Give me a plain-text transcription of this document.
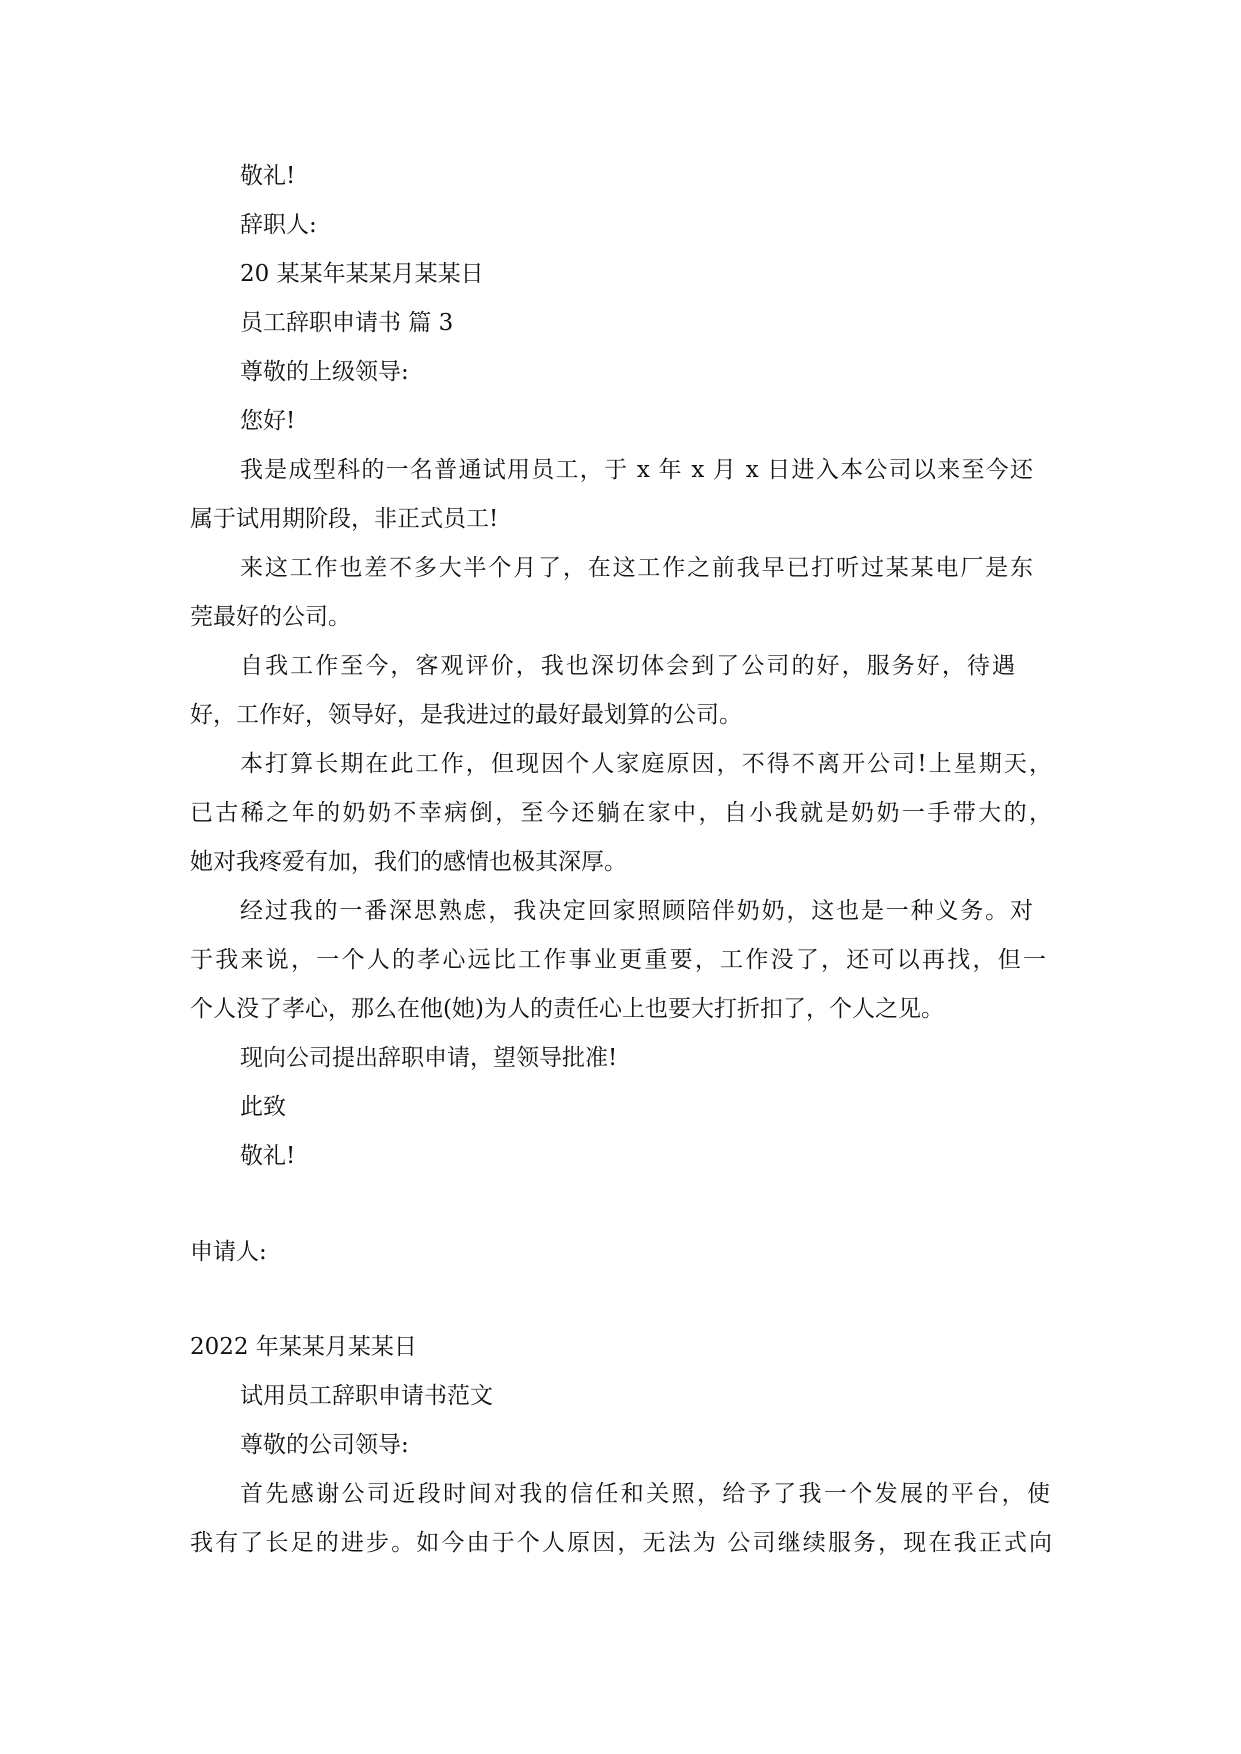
敬礼!
辞职人:
20 某某年某某月某某日
员工辞职申请书 篇 3
尊敬的上级领导:
您好!
我是成型科的一名普通试用员工，于 x 年 x 月 x 日进入本公司以来至今还
属于试用期阶段，非正式员工!
来这工作也差不多大半个月了，在这工作之前我早已打听过某某电厂是东
莞最好的公司。
自我工作至今，客观评价，我也深切体会到了公司的好，服务好，待遇
好，工作好，领导好，是我进过的最好最划算的公司。
本打算长期在此工作，但现因个人家庭原因，不得不离开公司!上星期天，
已古稀之年的奶奶不幸病倒，至今还躺在家中，自小我就是奶奶一手带大的，
她对我疼爱有加，我们的感情也极其深厚。
经过我的一番深思熟虑，我决定回家照顾陪伴奶奶，这也是一种义务。对
于我来说，一个人的孝心远比工作事业更重要，工作没了，还可以再找，但一
个人没了孝心，那么在他(她)为人的责任心上也要大打折扣了，个人之见。
现向公司提出辞职申请，望领导批准!
此致
敬礼!
申请人:
2022 年某某月某某日
试用员工辞职申请书范文
尊敬的公司领导:
首先感谢公司近段时间对我的信任和关照，给予了我一个发展的平台，使
我有了长足的进步。如今由于个人原因，无法为 公司继续服务，现在我正式向
